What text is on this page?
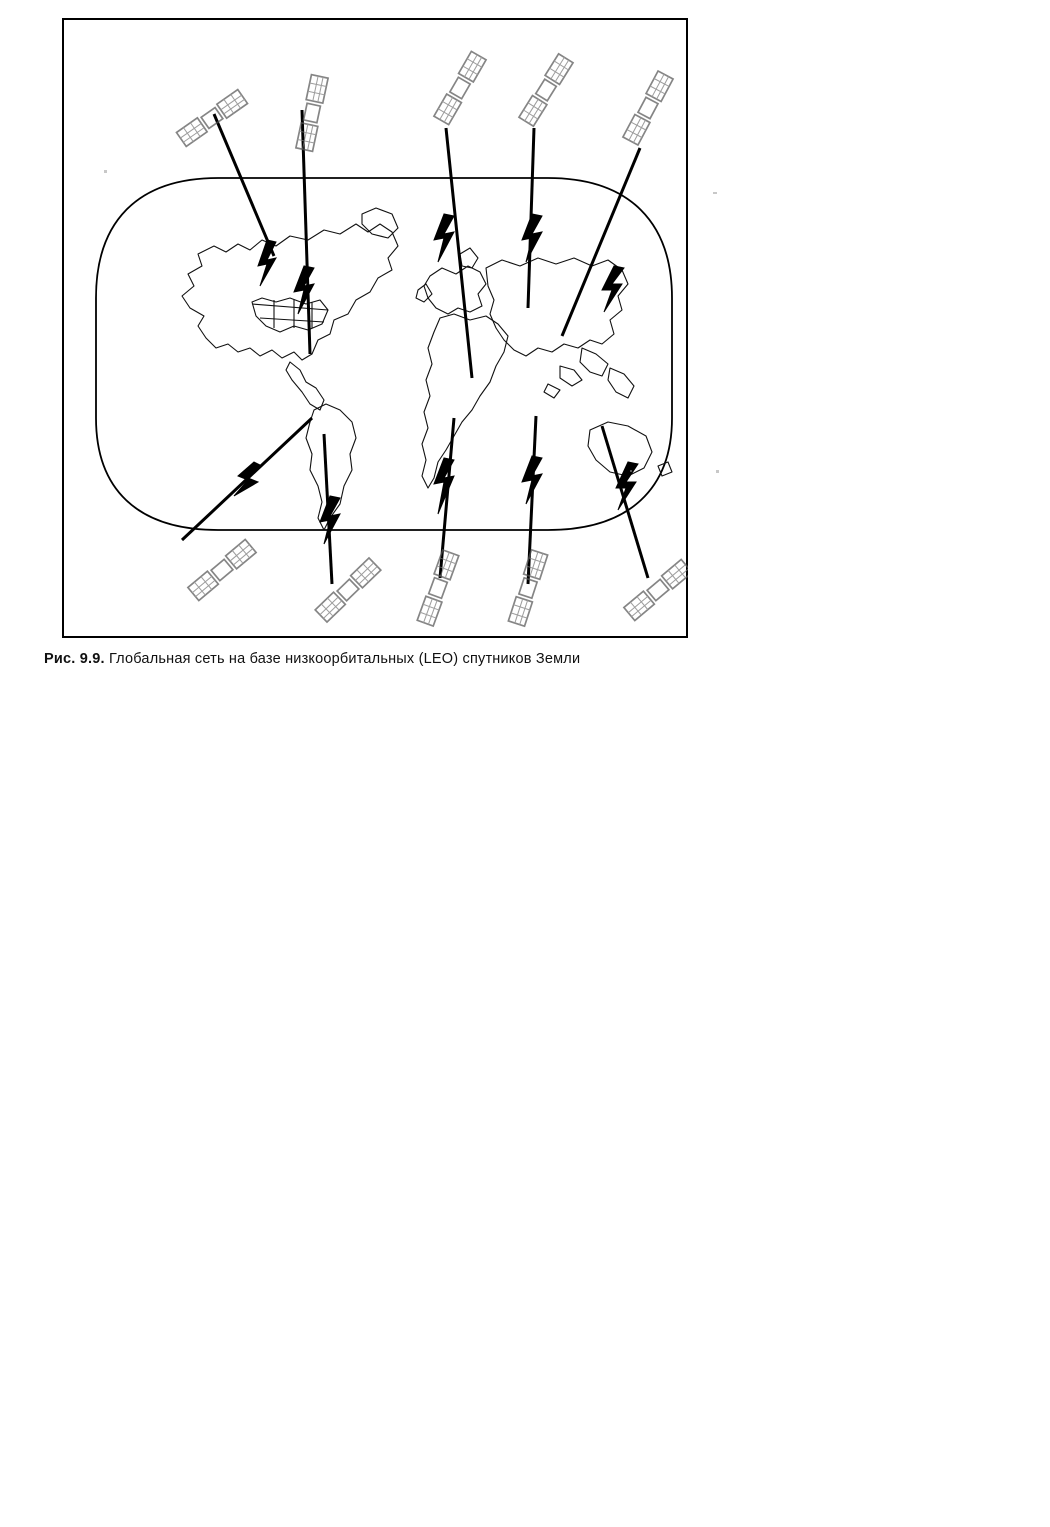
Рис. 9.9. Глобальная сеть на базе низкоорбитальных (LEO) спутников Земли
